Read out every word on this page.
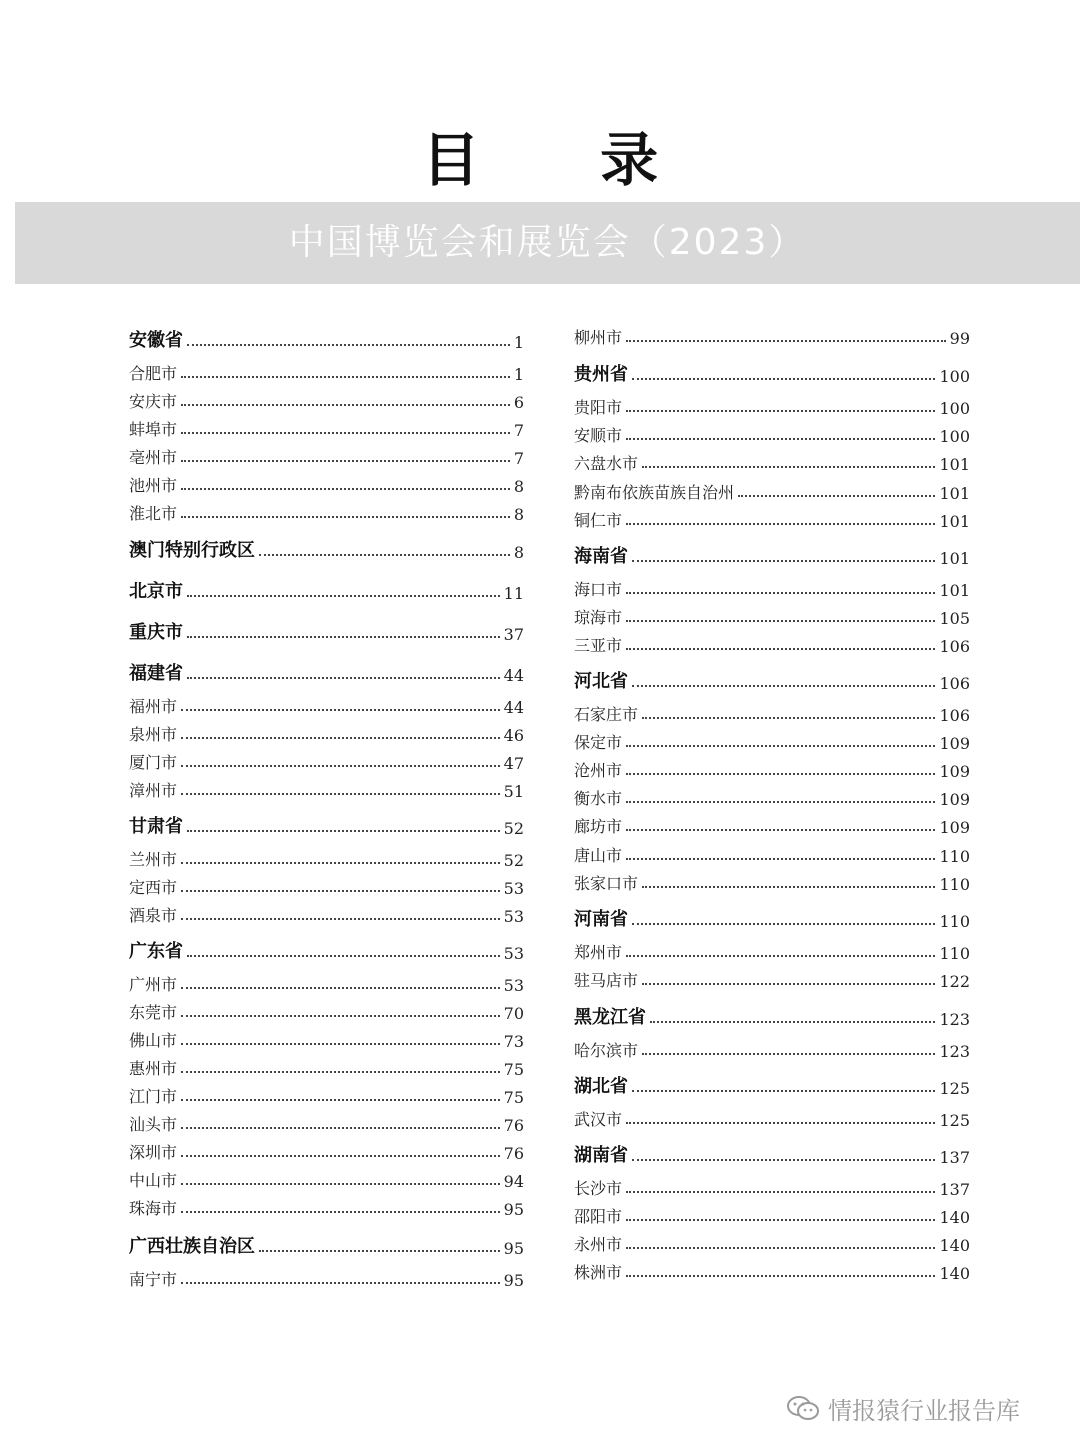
目 录
中国博览会和展览会（2023）
安徽省	1
合肥市	1
安庆市	6
蚌埠市	7
亳州市	7
池州市	8
淮北市	8
澳门特别行政区	8
北京市	11
重庆市	37
福建省	44
福州市	44
泉州市	46
厦门市	47
漳州市	51
甘肃省	52
兰州市	52
定西市	53
酒泉市	53
广东省	53
广州市	53
东莞市	70
佛山市	73
惠州市	75
江门市	75
汕头市	76
深圳市	76
中山市	94
珠海市	95
广西壮族自治区	95
南宁市	95
柳州市	99
贵州省	100
贵阳市	100
安顺市	100
六盘水市	101
黔南布依族苗族自治州	101
铜仁市	101
海南省	101
海口市	101
琼海市	105
三亚市	106
河北省	106
石家庄市	106
保定市	109
沧州市	109
衡水市	109
廊坊市	109
唐山市	110
张家口市	110
河南省	110
郑州市	110
驻马店市	122
黑龙江省	123
哈尔滨市	123
湖北省	125
武汉市	125
湖南省	137
长沙市	137
邵阳市	140
永州市	140
株洲市	140
情报猿行业报告库
